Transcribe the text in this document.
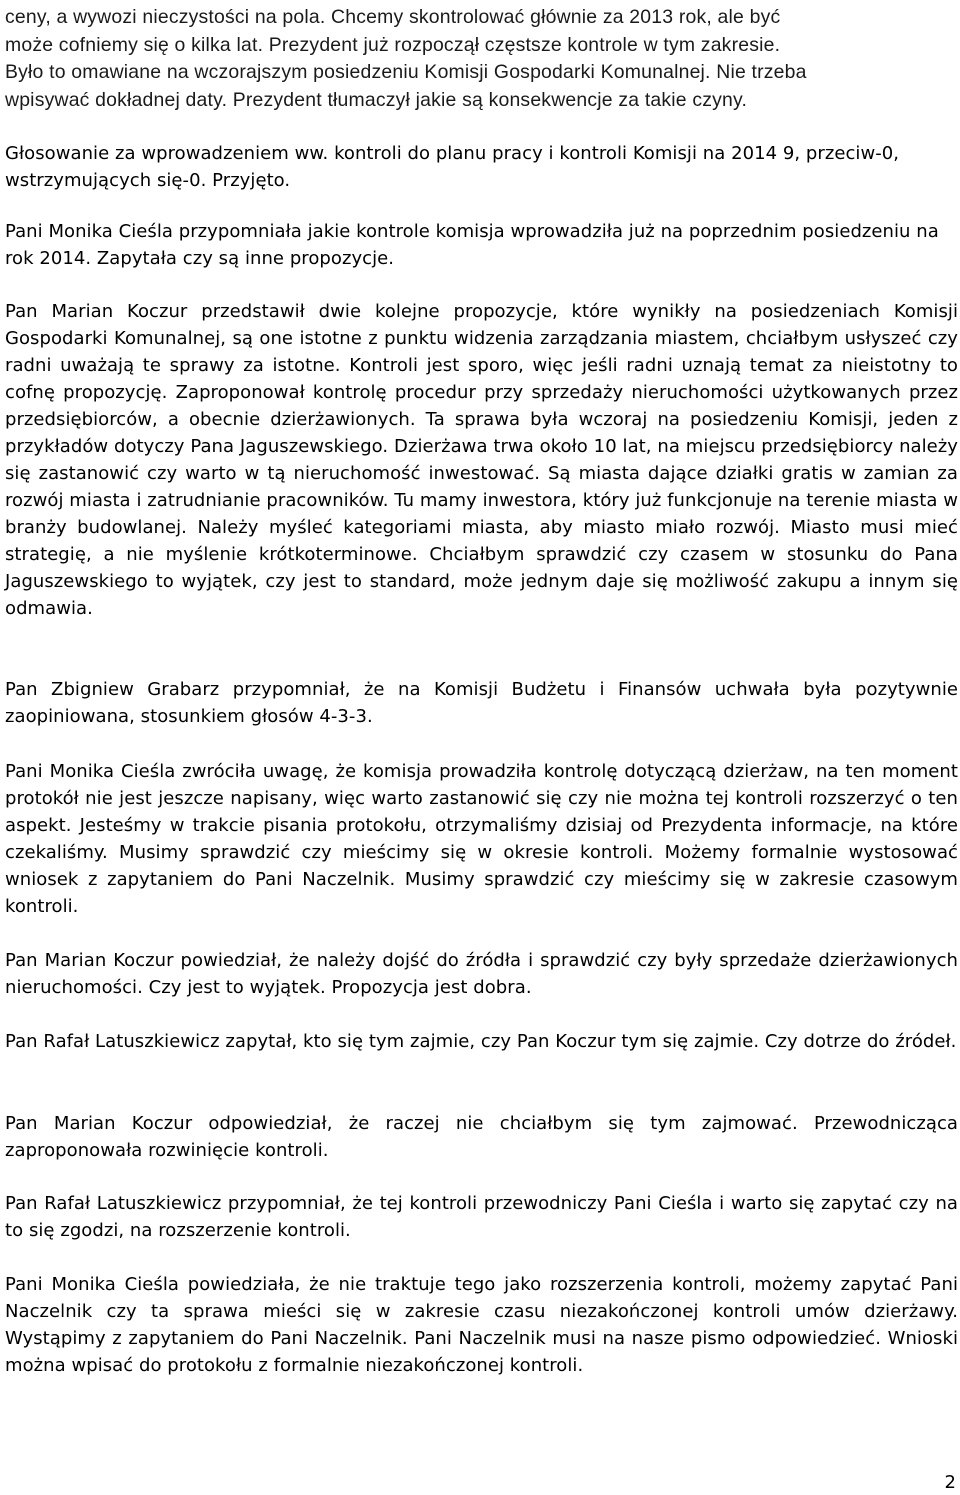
ceny, a wywozi nieczystości na pola. Chcemy skontrolować głównie za 2013 rok, ale być
może cofniemy się o kilka lat. Prezydent już rozpoczął częstsze kontrole w tym zakresie.
Było to omawiane na wczorajszym posiedzeniu Komisji Gospodarki Komunalnej. Nie trzeba
wpisywać dokładnej daty. Prezydent tłumaczył jakie są konsekwencje za takie czyny.

Głosowanie za wprowadzeniem ww. kontroli do planu pracy i kontroli Komisji na 2014 9, przeciw-0, wstrzymujących się-0. Przyjęto.

Pani Monika Cieśla przypomniała jakie kontrole komisja wprowadziła już na poprzednim posiedzeniu na rok 2014. Zapytała czy są inne propozycje.

Pan Marian Koczur przedstawił dwie kolejne propozycje, które wynikły na posiedzeniach Komisji Gospodarki Komunalnej, są one istotne z punktu widzenia zarządzania miastem, chciałbym usłyszeć czy radni uważają te sprawy za istotne. Kontroli jest sporo, więc jeśli radni uznają temat za nieistotny to cofnę propozycję. Zaproponował kontrolę procedur przy sprzedaży nieruchomości użytkowanych przez przedsiębiorców, a obecnie dzierżawionych. Ta sprawa była wczoraj na posiedzeniu Komisji, jeden z przykładów dotyczy Pana Jaguszewskiego. Dzierżawa trwa około 10 lat, na miejscu przedsiębiorcy należy się zastanowić czy warto w tą nieruchomość inwestować. Są miasta dające działki gratis w zamian za rozwój miasta i zatrudnianie pracowników. Tu mamy inwestora, który już funkcjonuje na terenie miasta w branży budowlanej. Należy myśleć kategoriami miasta, aby miasto miało rozwój. Miasto musi mieć strategię, a nie myślenie krótkoterminowe. Chciałbym sprawdzić czy czasem w stosunku do Pana Jaguszewskiego to wyjątek, czy jest to standard, może jednym daje się możliwość zakupu a innym się odmawia.

Pan Zbigniew Grabarz przypomniał, że na Komisji Budżetu i Finansów uchwała była pozytywnie zaopiniowana, stosunkiem głosów 4-3-3.

Pani Monika Cieśla zwróciła uwagę, że komisja prowadziła kontrolę dotyczącą dzierżaw, na ten moment protokół nie jest jeszcze napisany, więc warto zastanowić się czy nie można tej kontroli rozszerzyć o ten aspekt. Jesteśmy w trakcie pisania protokołu, otrzymaliśmy dzisiaj od Prezydenta informacje, na które czekaliśmy. Musimy sprawdzić czy mieścimy się w okresie kontroli. Możemy formalnie wystosować wniosek z zapytaniem do Pani Naczelnik. Musimy sprawdzić czy mieścimy się w zakresie czasowym kontroli.

Pan Marian Koczur powiedział, że należy dojść do źródła i sprawdzić czy były sprzedaże dzierżawionych nieruchomości. Czy jest to wyjątek. Propozycja jest dobra.

Pan Rafał Latuszkiewicz zapytał, kto się tym zajmie, czy Pan Koczur tym się zajmie. Czy dotrze do źródeł.

Pan Marian Koczur odpowiedział, że raczej nie chciałbym się tym zajmować. Przewodnicząca zaproponowała rozwinięcie kontroli.

Pan Rafał Latuszkiewicz przypomniał, że tej kontroli przewodniczy Pani Cieśla i warto się zapytać czy na to się zgodzi, na rozszerzenie kontroli.

Pani Monika Cieśla powiedziała, że nie traktuje tego jako rozszerzenia kontroli, możemy zapytać Pani Naczelnik czy ta sprawa mieści się w zakresie czasu niezakończonej kontroli umów dzierżawy. Wystąpimy z zapytaniem do Pani Naczelnik. Pani Naczelnik musi na nasze pismo odpowiedzieć. Wnioski można wpisać do protokołu z formalnie niezakończonej kontroli.

2
